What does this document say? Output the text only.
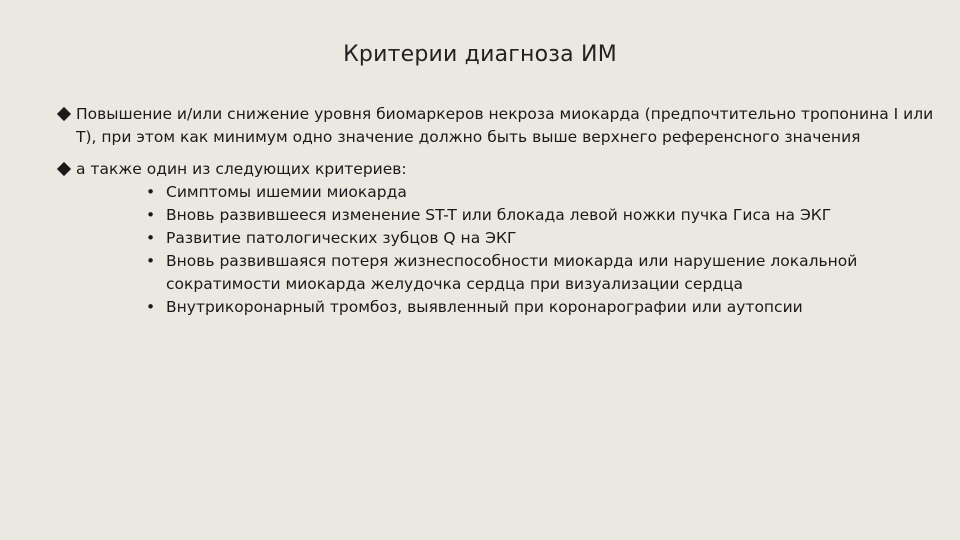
Критерии диагноза ИМ
Повышение и/или снижение уровня биомаркеров некроза миокарда (предпочтительно тропонина I или T), при этом как минимум одно значение должно быть выше верхнего референсного значения
а также один из следующих критериев:
• Симптомы ишемии миокарда
• Вновь развившееся изменение ST-T или блокада левой ножки пучка Гиса на ЭКГ
• Развитие патологических зубцов Q на ЭКГ
• Вновь развившаяся потеря жизнеспособности миокарда или нарушение локальной сократимости миокарда желудочка сердца при визуализации сердца
• Внутрикоронарный тромбоз, выявленный при коронарографии или аутопсии
